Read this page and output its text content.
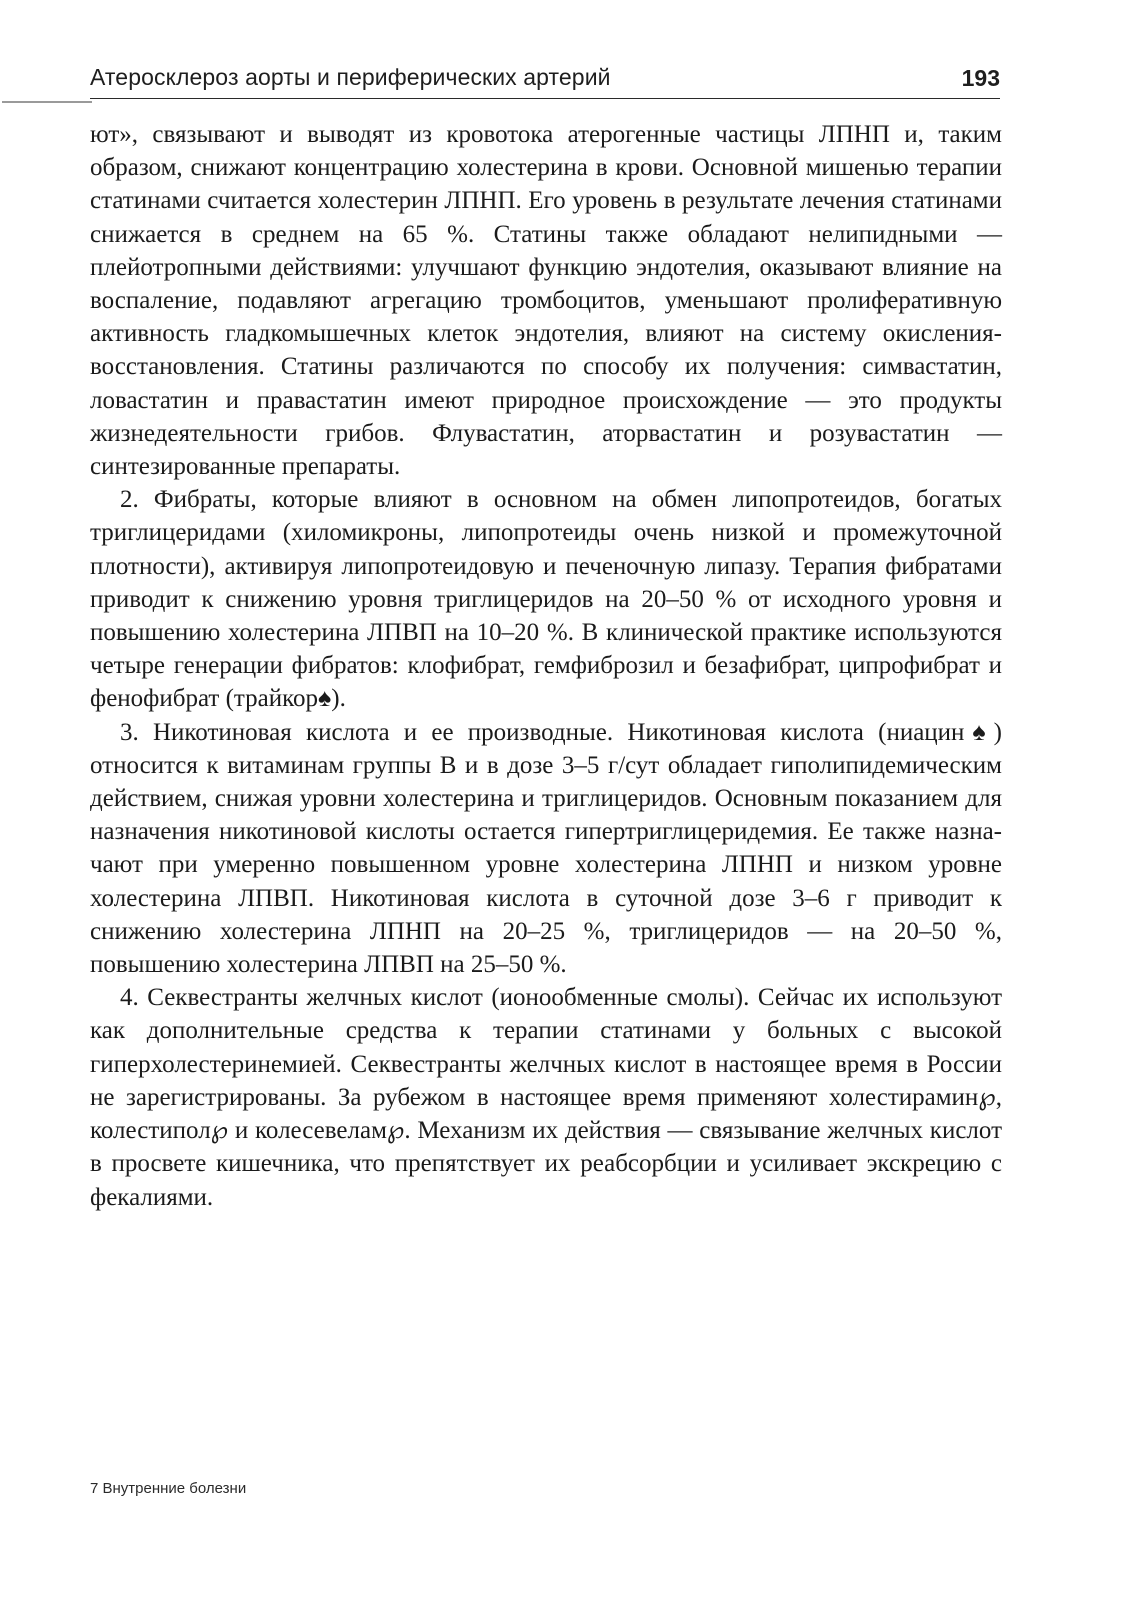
Атеросклероз аорты и периферических артерий	193

ют», связывают и выводят из кровотока атерогенные частицы ЛПНП и, таким образом, снижают концентрацию холестерина в крови. Основной мишенью терапии статинами считается холестерин ЛПНП. Его уровень в результате лечения статинами снижается в среднем на 65 %. Статины также обладают нелипидными — плейотропными действиями: улучшают функцию эндотелия, оказывают влияние на воспаление, подавляют агрегацию тромбоцитов, уменьшают пролиферативную активность гладкомышечных клеток эндотелия, влияют на систему окисления-восстановления. Статины различаются по способу их получения: симвастатин, ловастатин и правастатин имеют природное происхождение — это продукты жизнедеятельности грибов. Флувастатин, аторвастатин и розувастатин — синтезированные препараты.

2. Фибраты, которые влияют в основном на обмен липопротеидов, богатых триглицеридами (хиломикроны, липопротеиды очень низкой и промежуточной плотности), активируя липопротеидовую и печеночную липазу. Терапия фибратами приводит к снижению уровня триглицеридов на 20–50 % от исходного уровня и повышению холестерина ЛПВП на 10–20 %. В клинической практике используются четыре генерации фибратов: клофибрат, гемфиброзил и безафибрат, ципрофибрат и фенофибрат (трайкор♠).

3. Никотиновая кислота и ее производные. Никотиновая кислота (ниацин♠) относится к витаминам группы B и в дозе 3–5 г/сут обладает гиполипидемическим действием, снижая уровни холестерина и триглицеридов. Основным показанием для назначения никотиновой кислоты остается гипертриглицеридемия. Ее также назначают при умеренно повышенном уровне холестерина ЛПНП и низком уровне холестерина ЛПВП. Никотиновая кислота в суточной дозе 3–6 г приводит к снижению холестерина ЛПНП на 20–25 %, триглицеридов — на 20–50 %, повышению холестерина ЛПВП на 25–50 %.

4. Секвестранты желчных кислот (ионообменные смолы). Сейчас их используют как дополнительные средства к терапии статинами у больных с высокой гиперхолестеринемией. Секвестранты желчных кислот в настоящее время в России не зарегистрированы. За рубежом в настоящее время применяют холестирамин℘, колестипол℘ и колесевелам℘. Механизм их действия — связывание желчных кислот в просвете кишечника, что препятствует их реабсорбции и усиливает экскрецию с фекалиями.

7 Внутренние болезни
